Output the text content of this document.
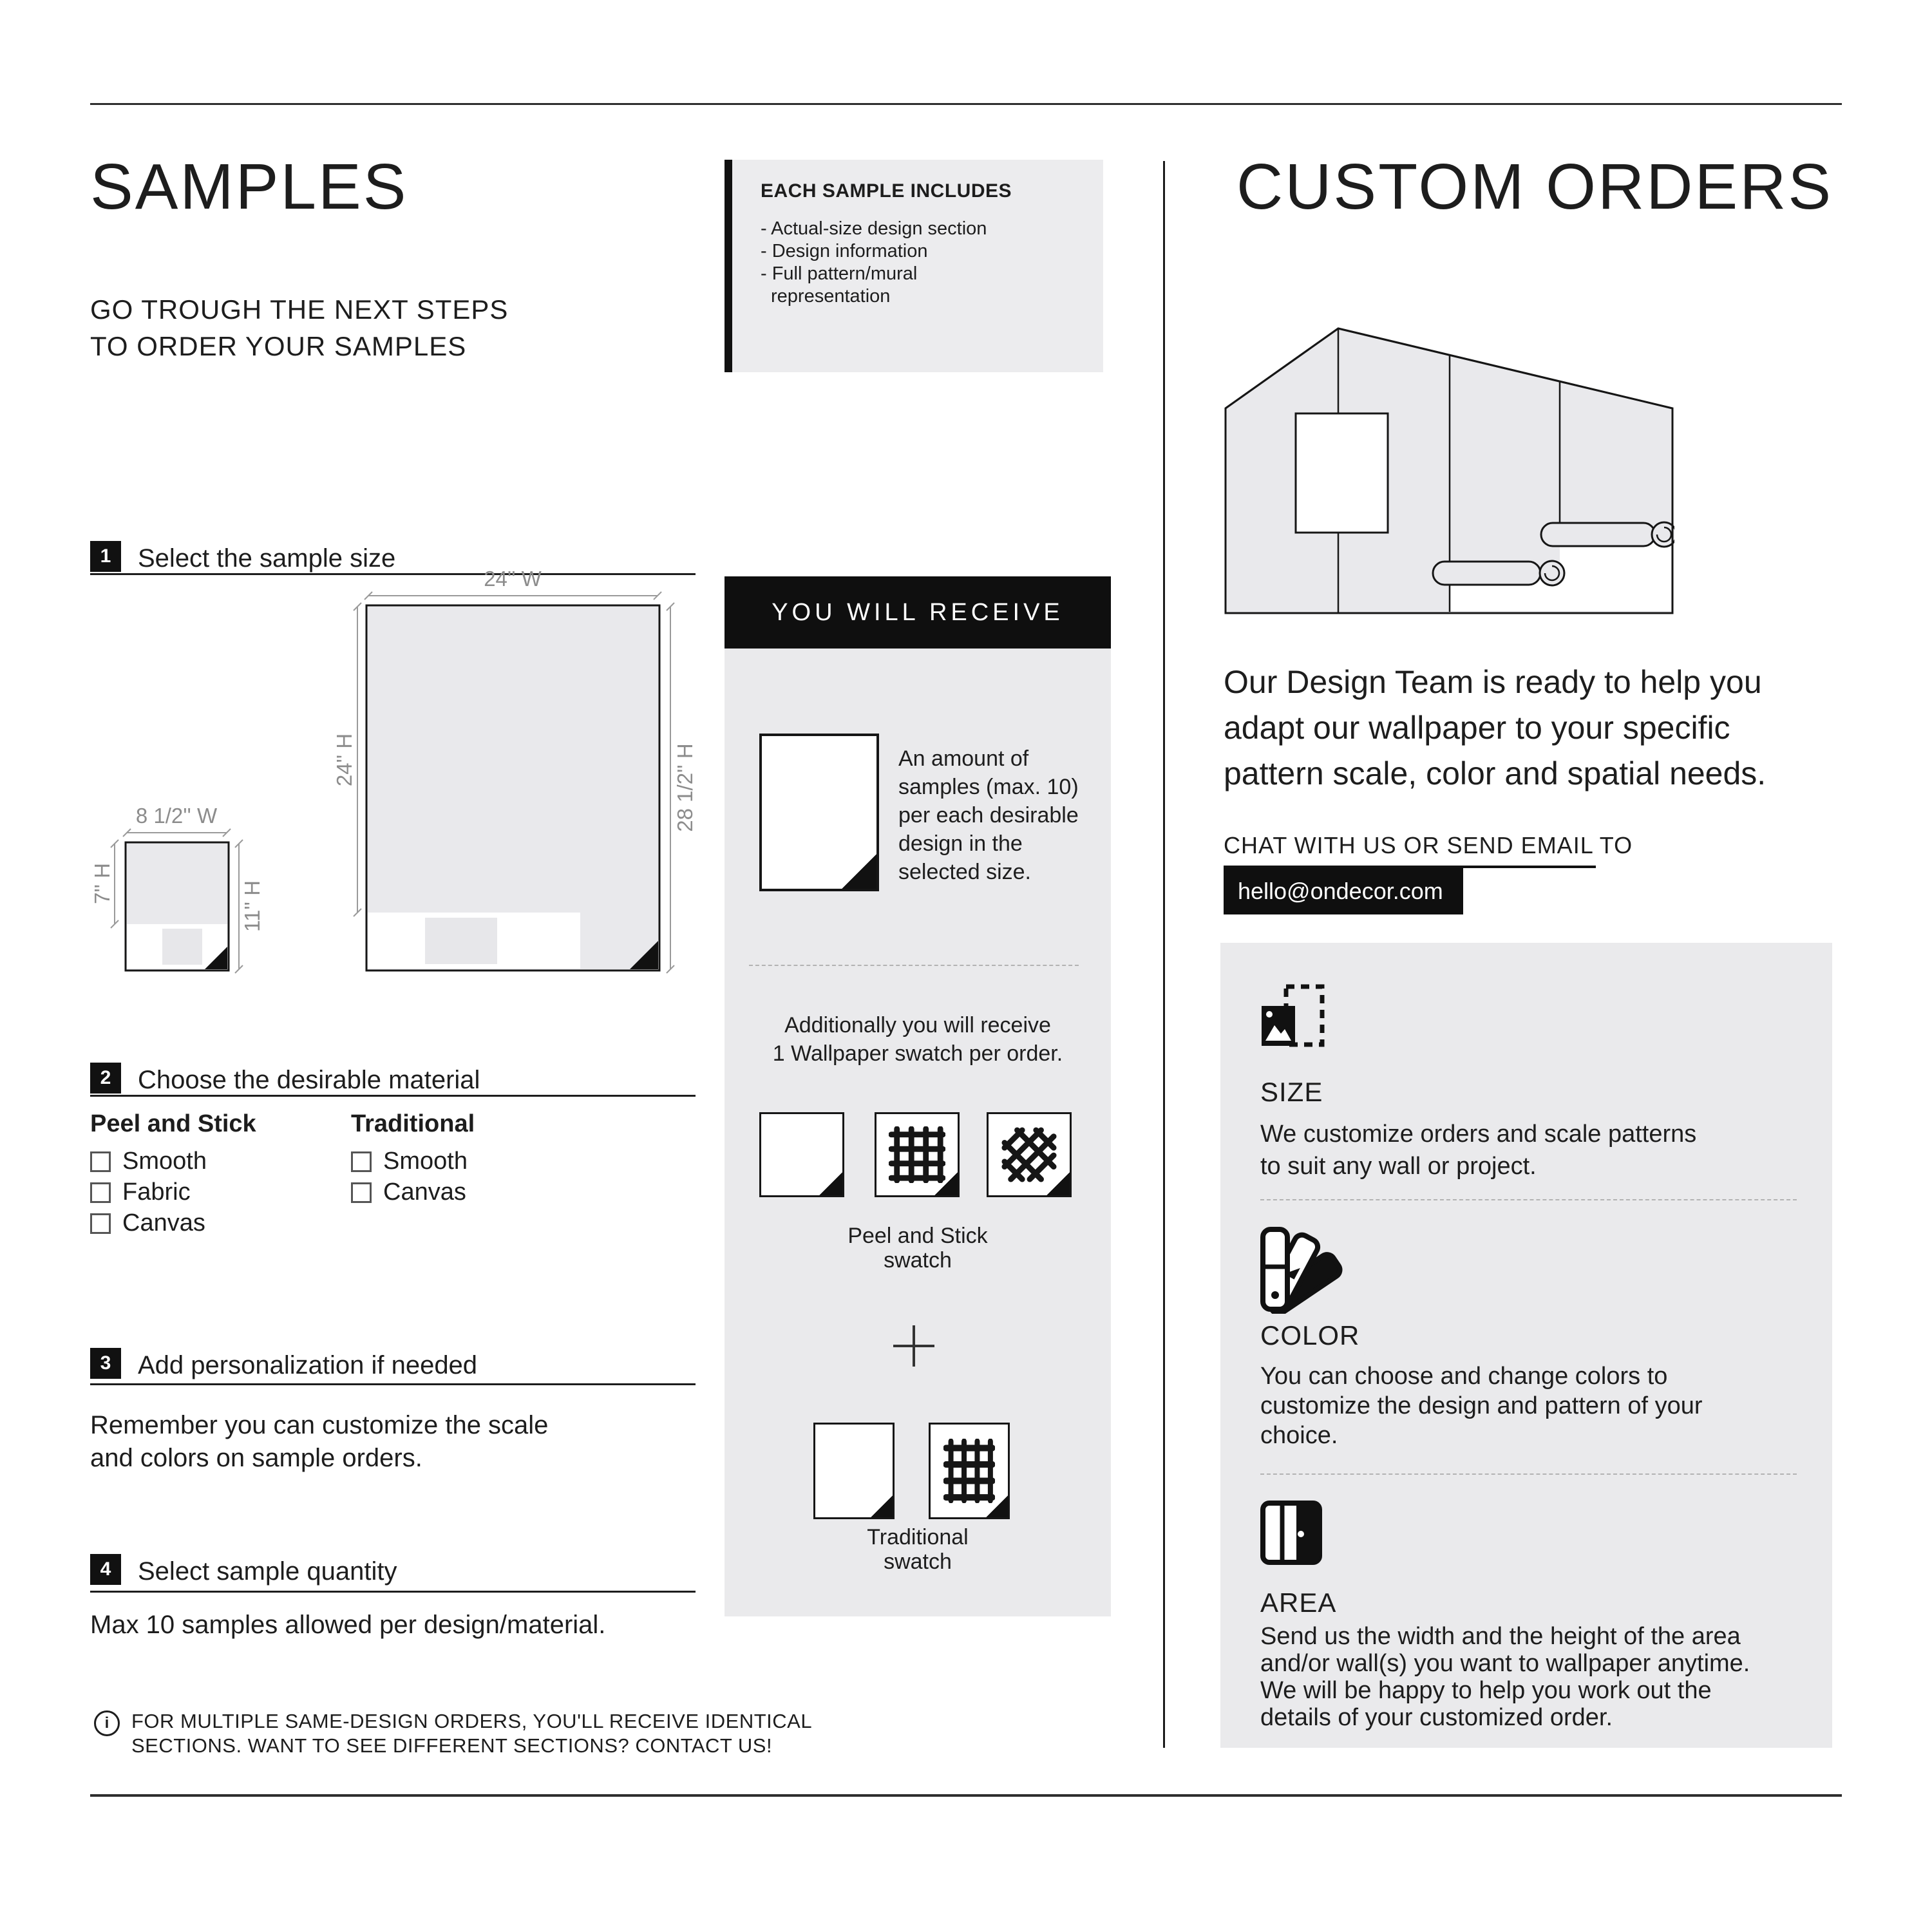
SAMPLES	CUSTOM ORDERS
GO TROUGH THE NEXT STEPS
TO ORDER YOUR SAMPLES
EACH SAMPLE INCLUDES
- Actual-size design section
- Design information
- Full pattern/mural
representation
1	Select the sample size
24'' W
8 1/2'' W
24'' H	28 1/2'' H
7'' H	11'' H
2	Choose the desirable material
Peel and Stick	Traditional
Smooth
Fabric
Canvas
Smooth
Canvas
3	Add personalization if needed
Remember you can customize the scale
and colors on sample orders.
4	Select sample quantity
Max 10 samples allowed per design/material.
i	FOR MULTIPLE SAME-DESIGN ORDERS, YOU'LL RECEIVE IDENTICAL
SECTIONS. WANT TO SEE DIFFERENT SECTIONS? CONTACT US!
YOU WILL RECEIVE
An amount of
samples (max. 10)
per each desirable
design in the
selected size.
Additionally you will receive
1 Wallpaper swatch per order.
Peel and Stick
swatch
Traditional
swatch
Our Design Team is ready to help you
adapt our wallpaper to your specific
pattern scale, color and spatial needs.
CHAT WITH US OR SEND EMAIL TO
hello@ondecor.com
SIZE
We customize orders and scale patterns
to suit any wall or project.
COLOR
You can choose and change colors to
customize the design and pattern of your
choice.
AREA
Send us the width and the height of the area
and/or wall(s) you want to wallpaper anytime.
We will be happy to help you work out the
details of your customized order.
